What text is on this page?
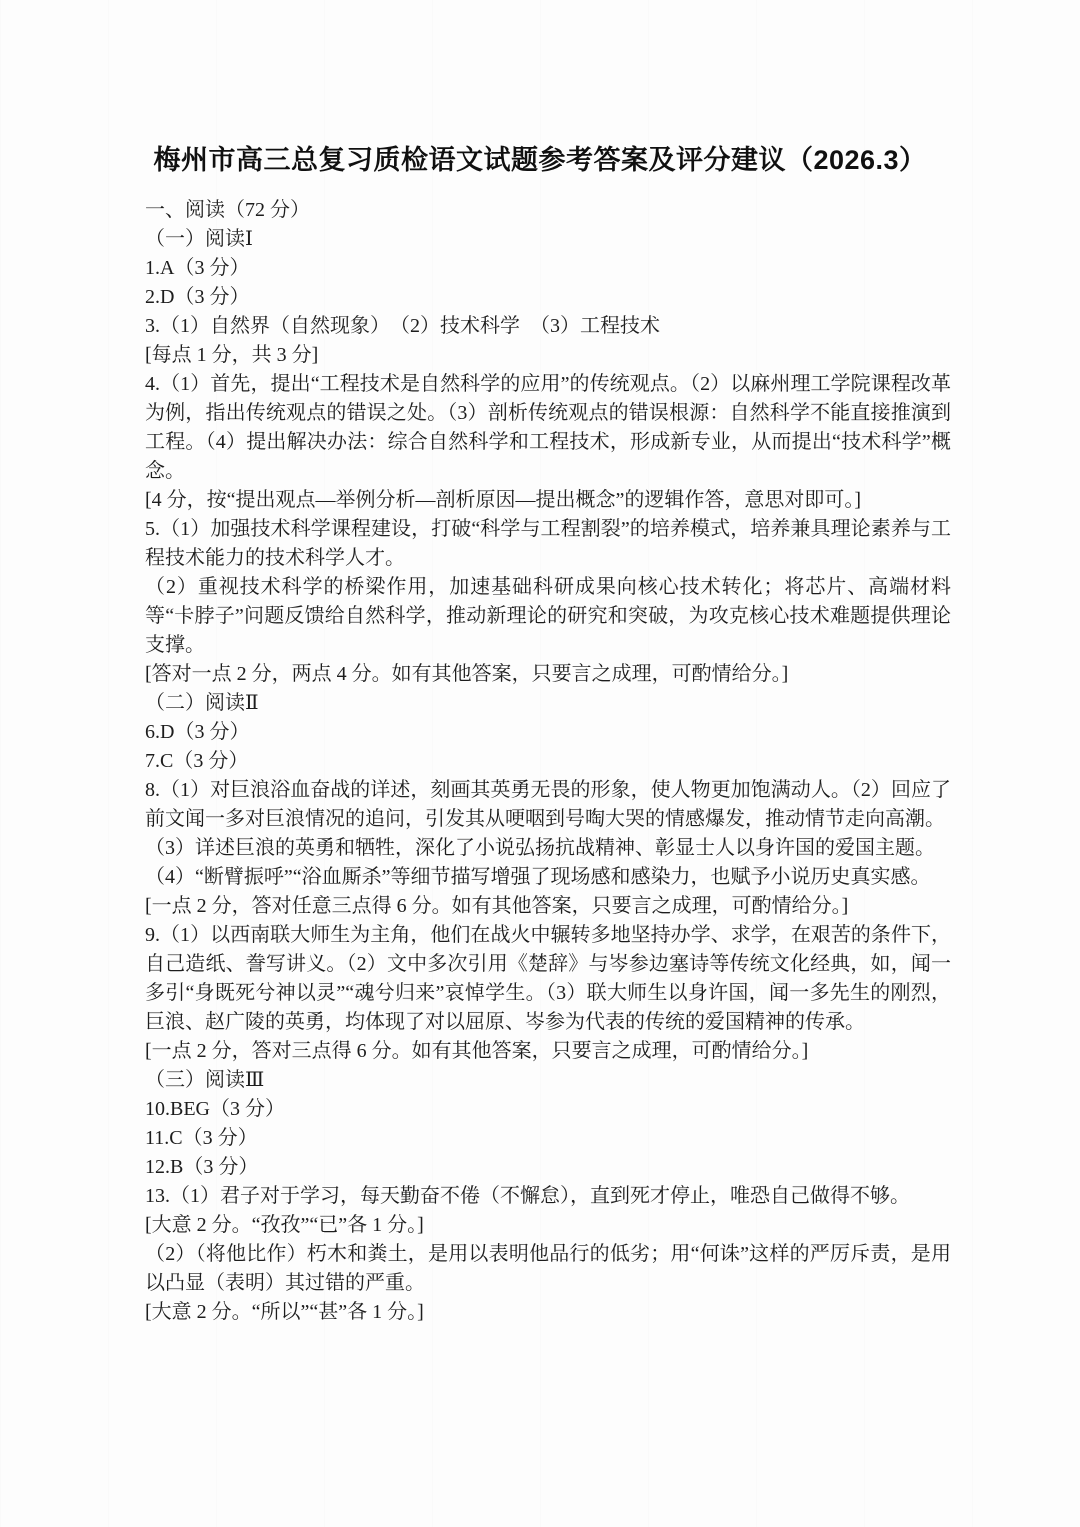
梅州市高三总复习质检语文试题参考答案及评分建议（2026.3）

一、阅读（72 分）

（一）阅读Ⅰ

1.A（3 分）

2.D（3 分）

3.（1）自然界（自然现象）　（2）技术科学　（3）工程技术

[每点 1 分，共 3 分]

4.（1）首先，提出“工程技术是自然科学的应用”的传统观点。（2）以麻州理工学院课程改革为例，指出传统观点的错误之处。（3）剖析传统观点的错误根源：自然科学不能直接推演到工程。（4）提出解决办法：综合自然科学和工程技术，形成新专业，从而提出“技术科学”概念。

[4 分，按“提出观点—举例分析—剖析原因—提出概念”的逻辑作答，意思对即可。]

5.（1）加强技术科学课程建设，打破“科学与工程割裂”的培养模式，培养兼具理论素养与工程技术能力的技术科学人才。

（2）重视技术科学的桥梁作用，加速基础科研成果向核心技术转化；将芯片、高端材料等“卡脖子”问题反馈给自然科学，推动新理论的研究和突破，为攻克核心技术难题提供理论支撑。

[答对一点 2 分，两点 4 分。如有其他答案，只要言之成理，可酌情给分。]

（二）阅读Ⅱ

6.D（3 分）

7.C（3 分）

8.（1）对巨浪浴血奋战的详述，刻画其英勇无畏的形象，使人物更加饱满动人。（2）回应了前文闻一多对巨浪情况的追问，引发其从哽咽到号啕大哭的情感爆发，推动情节走向高潮。

（3）详述巨浪的英勇和牺牲，深化了小说弘扬抗战精神、彰显士人以身许国的爱国主题。

（4）“断臂振呼”“浴血厮杀”等细节描写增强了现场感和感染力，也赋予小说历史真实感。

[一点 2 分，答对任意三点得 6 分。如有其他答案，只要言之成理，可酌情给分。]

9.（1）以西南联大师生为主角，他们在战火中辗转多地坚持办学、求学，在艰苦的条件下，自己造纸、誊写讲义。（2）文中多次引用《楚辞》与岑参边塞诗等传统文化经典，如，闻一多引“身既死兮神以灵”“魂兮归来”哀悼学生。（3）联大师生以身许国，闻一多先生的刚烈，巨浪、赵广陵的英勇，均体现了对以屈原、岑参为代表的传统的爱国精神的传承。

[一点 2 分，答对三点得 6 分。如有其他答案，只要言之成理，可酌情给分。]

（三）阅读Ⅲ

10.BEG（3 分）

11.C（3 分）

12.B（3 分）

13.（1）君子对于学习，每天勤奋不倦（不懈怠），直到死才停止，唯恐自己做得不够。

[大意 2 分。“孜孜”“已”各 1 分。]

（2）（将他比作）朽木和粪土，是用以表明他品行的低劣；用“何诛”这样的严厉斥责，是用以凸显（表明）其过错的严重。

[大意 2 分。“所以”“甚”各 1 分。]
